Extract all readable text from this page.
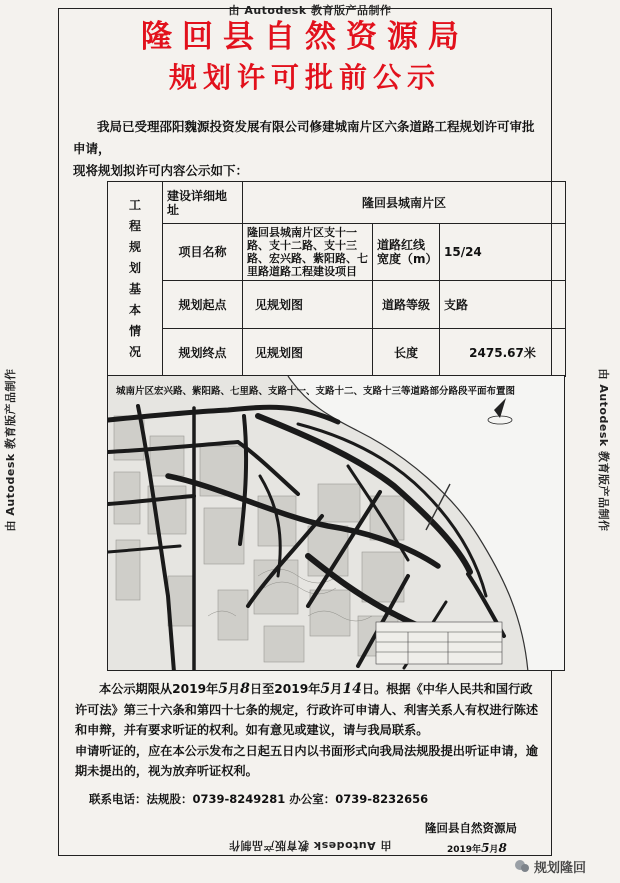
由 Autodesk 教育版产品制作
由 Autodesk 教育版产品制作
由 Autodesk 教育版产品制作	由 Autodesk 教育版产品制作
隆回县自然资源局
规划许可批前公示
我局已受理邵阳魏源投资发展有限公司修建城南片区六条道路工程规划许可审批申请，
现将规划拟许可内容公示如下：
工程规划基本情况	建设详细地址	隆回县城南片区		
	项目名称	隆回县城南片区支十一路、支十二路、支十三路、宏兴路、紫阳路、七里路道路工程建设项目	道路红线宽度（m）	15/24
	规划起点	见规划图	道路等级	支路
	规划终点	见规划图	长度	2475.67米
城南片区宏兴路、紫阳路、七里路、支路十一、支路十二、支路十三等道路部分路段平面布置图
本公示期限从2019年5月8日至2019年5月14日。根据《中华人民共和国行政许可法》第三十六条和第四十七条的规定，行政许可申请人、利害关系人有权进行陈述和申辩，并有要求听证的权利。如有意见或建议，请与我局联系。
申请听证的，应在本公示发布之日起五日内以书面形式向我局法规股提出听证申请，逾期未提出的，视为放弃听证权利。
联系电话：法规股：0739-8249281 办公室：0739-8232656
隆回县自然资源局
2019年5月8
规划隆回
